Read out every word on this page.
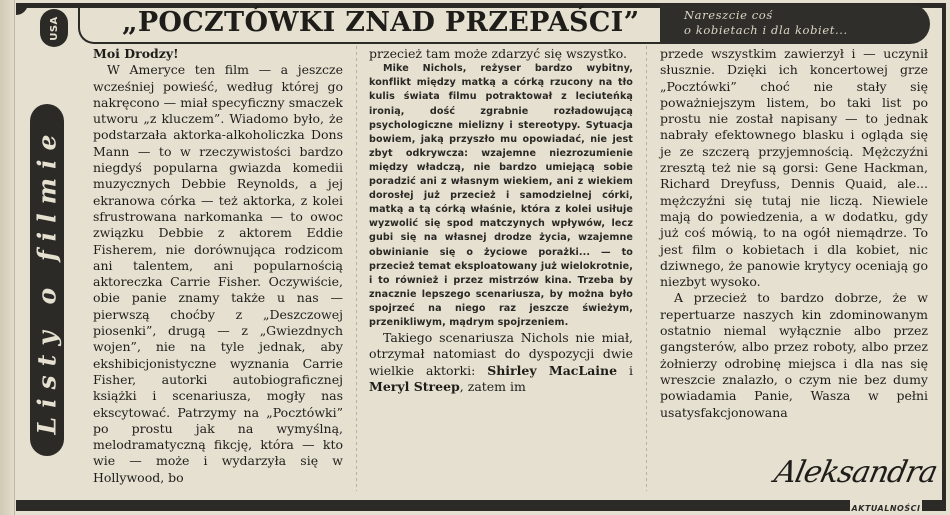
AKTUALNOŚCI
USA „POCZTÓWKI ZNAD PRZEPAŚCI”	Nareszcie coś
o kobietach i dla kobiet...
Listy o filmie

Moi Drodzy!

W Ameryce ten film — a jeszcze wcześniej powieść, według której go nakręcono — miał specyficzny smaczek utworu „z kluczem”. Wiadomo było, że podstarzała aktorka-alkoholiczka Dons Mann — to w rzeczywistości bardzo niegdyś popularna gwiazda komedii muzycznych Debbie Reynolds, a jej ekranowa córka — też aktorka, z kolei sfrustrowana narkomanka — to owoc związku Debbie z aktorem Eddie Fisherem, nie dorównująca rodzicom ani talentem, ani popularnością aktoreczka Carrie Fisher. Oczywiście, obie panie znamy także u nas — pierwszą choćby z „Deszczowej piosenki”, drugą — z „Gwiezdnych wojen”, nie na tyle jednak, aby ekshibicjonistyczne wyznania Carrie Fisher, autorki autobiograficznej książki i scenariusza, mogły nas ekscytować. Patrzymy na „Pocztówki” po prostu jak na wymyślną, melodramatyczną fikcję, która — kto wie — może i wydarzyła się w Hollywood, bo

przecież tam może zdarzyć się wszystko.

Mike Nichols, reżyser bardzo wybitny, konflikt między matką a córką rzucony na tło kulis świata filmu potraktował z leciuteńką ironią, dość zgrabnie rozładowującą psychologiczne mielizny i stereotypy. Sytuacja bowiem, jaką przyszło mu opowiadać, nie jest zbyt odkrywcza: wzajemne niezrozumienie między władczą, nie bardzo umiejącą sobie poradzić ani z własnym wiekiem, ani z wiekiem dorosłej już przecież i samodzielnej córki, matką a tą córką właśnie, która z kolei usiłuje wyzwolić się spod matczynych wpływów, lecz gubi się na własnej drodze życia, wzajemne obwinianie się o życiowe porażki... — to przecież temat eksploatowany już wielokrotnie, i to również i przez mistrzów kina. Trzeba by znacznie lepszego scenariusza, by można było spojrzeć na niego raz jeszcze świeżym, przenikliwym, mądrym spojrzeniem.

Takiego scenariusza Nichols nie miał, otrzymał natomiast do dyspozycji dwie wielkie aktorki: Shirley MacLaine i Meryl Streep, zatem im

przede wszystkim zawierzył i — uczynił słusznie. Dzięki ich koncertowej grze „Pocztówki” choć nie stały się poważniejszym listem, bo taki list po prostu nie został napisany — to jednak nabrały efektownego blasku i ogląda się je ze szczerą przyjemnością. Mężczyźni zresztą też nie są gorsi: Gene Hackman, Richard Dreyfuss, Dennis Quaid, ale... mężczyźni się tutaj nie liczą. Niewiele mają do powiedzenia, a w dodatku, gdy już coś mówią, to na ogół niemądrze. To jest film o kobietach i dla kobiet, nic dziwnego, że panowie krytycy oceniają go niezbyt wysoko.

A przecież to bardzo dobrze, że w repertuarze naszych kin zdominowanym ostatnio niemal wyłącznie albo przez gangsterów, albo przez roboty, albo przez żołnierzy odrobinę miejsca i dla nas się wreszcie znalazło, o czym nie bez dumy powiadamia Panie, Wasza w pełni usatysfakcjonowana

Aleksandra
